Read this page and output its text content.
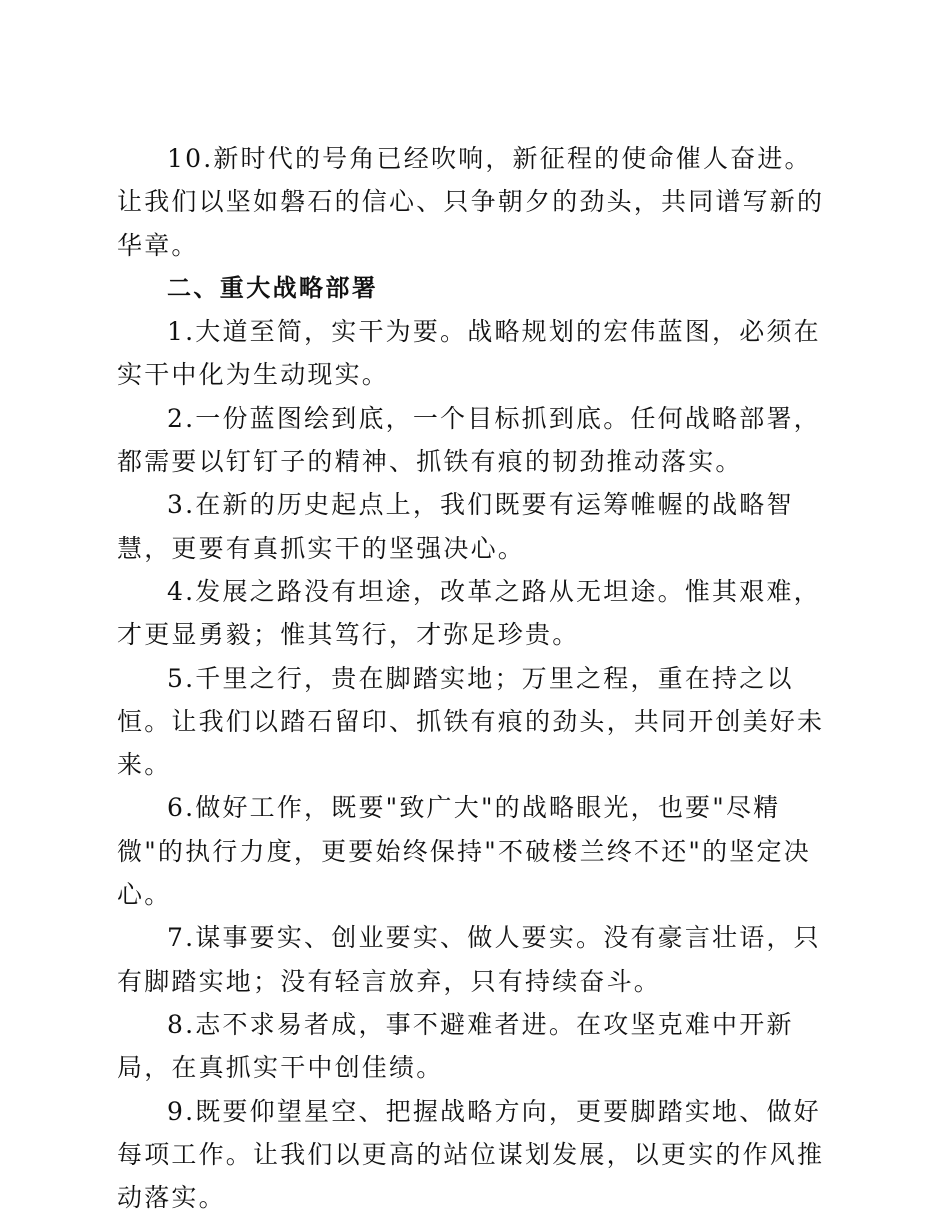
10.新时代的号角已经吹响，新征程的使命催人奋进。让我们以坚如磐石的信心、只争朝夕的劲头，共同谱写新的华章。

二、重大战略部署

1.大道至简，实干为要。战略规划的宏伟蓝图，必须在实干中化为生动现实。

2.一份蓝图绘到底，一个目标抓到底。任何战略部署，都需要以钉钉子的精神、抓铁有痕的韧劲推动落实。

3.在新的历史起点上，我们既要有运筹帷幄的战略智慧，更要有真抓实干的坚强决心。

4.发展之路没有坦途，改革之路从无坦途。惟其艰难，才更显勇毅；惟其笃行，才弥足珍贵。

5.千里之行，贵在脚踏实地；万里之程，重在持之以恒。让我们以踏石留印、抓铁有痕的劲头，共同开创美好未来。

6.做好工作，既要"致广大"的战略眼光，也要"尽精微"的执行力度，更要始终保持"不破楼兰终不还"的坚定决心。

7.谋事要实、创业要实、做人要实。没有豪言壮语，只有脚踏实地；没有轻言放弃，只有持续奋斗。

8.志不求易者成，事不避难者进。在攻坚克难中开新局，在真抓实干中创佳绩。

9.既要仰望星空、把握战略方向，更要脚踏实地、做好每项工作。让我们以更高的站位谋划发展，以更实的作风推动落实。
